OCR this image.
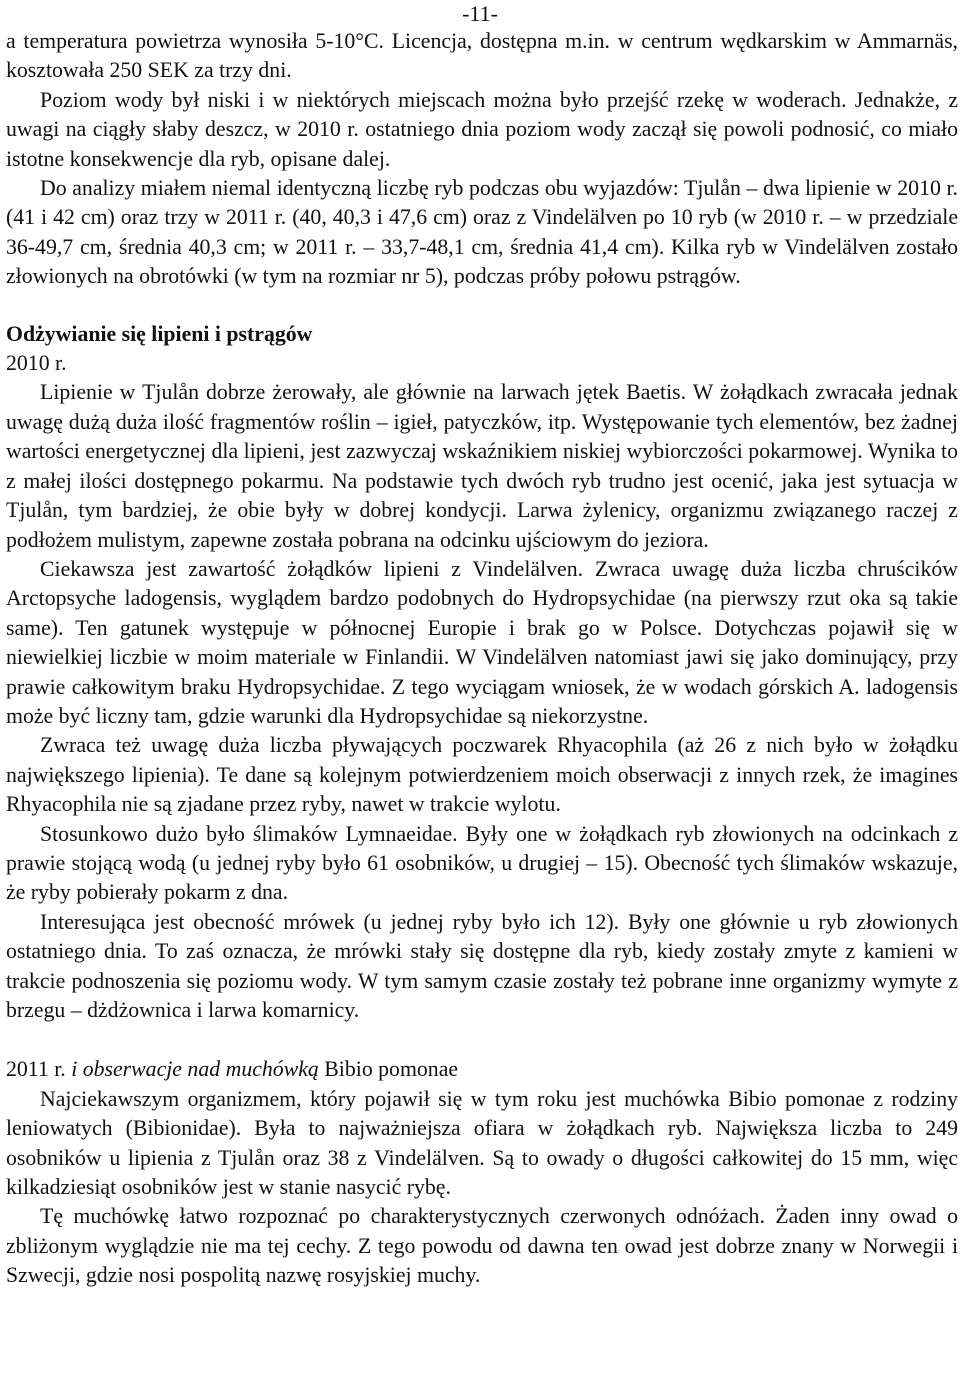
-11-

a temperatura powietrza wynosiła 5-10°C. Licencja, dostępna m.in. w centrum wędkarskim w Ammarnäs, kosztowała 250 SEK za trzy dni.

Poziom wody był niski i w niektórych miejscach można było przejść rzekę w woderach. Jednakże, z uwagi na ciągły słaby deszcz, w 2010 r. ostatniego dnia poziom wody zaczął się powoli podnosić, co miało istotne konsekwencje dla ryb, opisane dalej.

Do analizy miałem niemal identyczną liczbę ryb podczas obu wyjazdów: Tjulån – dwa lipienie w 2010 r. (41 i 42 cm) oraz trzy w 2011 r. (40, 40,3 i 47,6 cm) oraz z Vindelälven po 10 ryb (w 2010 r. – w przedziale 36-49,7 cm, średnia 40,3 cm; w 2011 r. – 33,7-48,1 cm, średnia 41,4 cm). Kilka ryb w Vindelälven zostało złowionych na obrotówki (w tym na rozmiar nr 5), podczas próby połowu pstrągów.

Odżywianie się lipieni i pstrągów

2010 r.

Lipienie w Tjulån dobrze żerowały, ale głównie na larwach jętek Baetis. W żołądkach zwracała jednak uwagę dużą duża ilość fragmentów roślin – igieł, patyczków, itp. Występowanie tych elementów, bez żadnej wartości energetycznej dla lipieni, jest zazwyczaj wskaźnikiem niskiej wybiorczości pokarmowej. Wynika to z małej ilości dostępnego pokarmu. Na podstawie tych dwóch ryb trudno jest ocenić, jaka jest sytuacja w Tjulån, tym bardziej, że obie były w dobrej kondycji. Larwa żylenicy, organizmu związanego raczej z podłożem mulistym, zapewne została pobrana na odcinku ujściowym do jeziora.

Ciekawsza jest zawartość żołądków lipieni z Vindelälven. Zwraca uwagę duża liczba chruścików Arctopsyche ladogensis, wyglądem bardzo podobnych do Hydropsychidae (na pierwszy rzut oka są takie same). Ten gatunek występuje w północnej Europie i brak go w Polsce. Dotychczas pojawił się w niewielkiej liczbie w moim materiale w Finlandii. W Vindelälven natomiast jawi się jako dominujący, przy prawie całkowitym braku Hydropsychidae. Z tego wyciągam wniosek, że w wodach górskich A. ladogensis może być liczny tam, gdzie warunki dla Hydropsychidae są niekorzystne.

Zwraca też uwagę duża liczba pływających poczwarek Rhyacophila (aż 26 z nich było w żołądku największego lipienia). Te dane są kolejnym potwierdzeniem moich obserwacji z innych rzek, że imagines Rhyacophila nie są zjadane przez ryby, nawet w trakcie wylotu.

Stosunkowo dużo było ślimaków Lymnaeidae. Były one w żołądkach ryb złowionych na odcinkach z prawie stojącą wodą (u jednej ryby było 61 osobników, u drugiej – 15). Obecność tych ślimaków wskazuje, że ryby pobierały pokarm z dna.

Interesująca jest obecność mrówek (u jednej ryby było ich 12). Były one głównie u ryb złowionych ostatniego dnia. To zaś oznacza, że mrówki stały się dostępne dla ryb, kiedy zostały zmyte z kamieni w trakcie podnoszenia się poziomu wody. W tym samym czasie zostały też pobrane inne organizmy wymyte z brzegu – dżdżownica i larwa komarnicy.

2011 r. i obserwacje nad muchówką Bibio pomonae

Najciekawszym organizmem, który pojawił się w tym roku jest muchówka Bibio pomonae z rodziny leniowatych (Bibionidae). Była to najważniejsza ofiara w żołądkach ryb. Największa liczba to 249 osobników u lipienia z Tjulån oraz 38 z Vindelälven. Są to owady o długości całkowitej do 15 mm, więc kilkadziesiąt osobników jest w stanie nasycić rybę.

Tę muchówkę łatwo rozpoznać po charakterystycznych czerwonych odnóżach. Żaden inny owad o zbliżonym wyglądzie nie ma tej cechy. Z tego powodu od dawna ten owad jest dobrze znany w Norwegii i Szwecji, gdzie nosi pospolitą nazwę rosyjskiej muchy.
